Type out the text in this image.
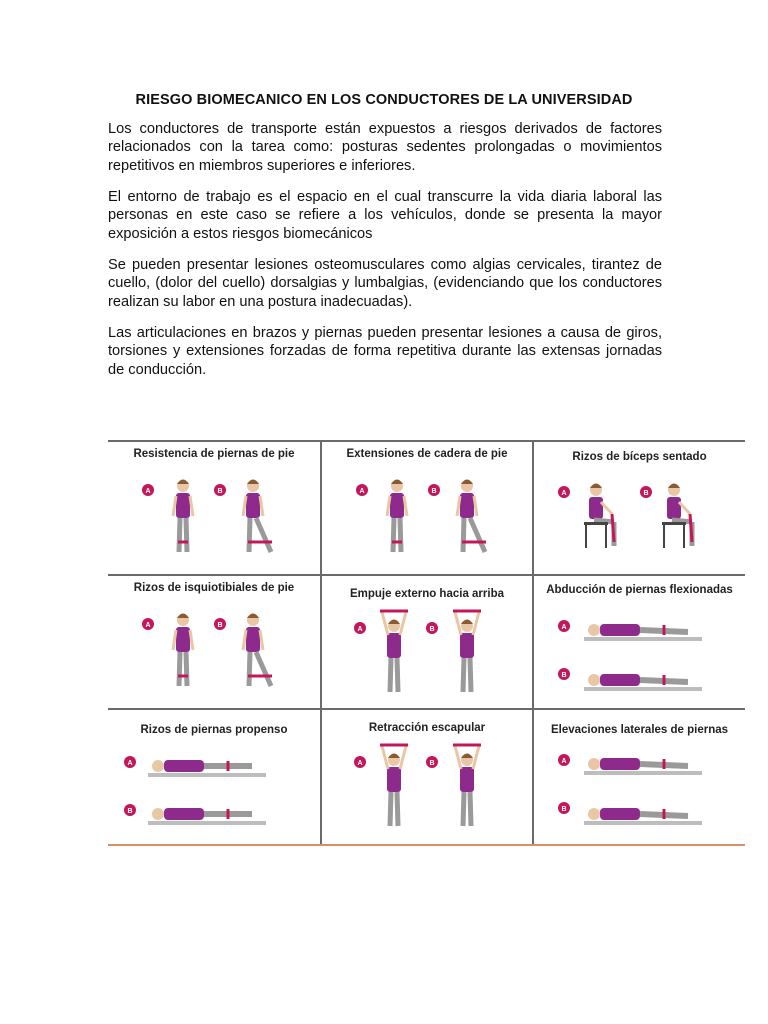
RIESGO BIOMECANICO EN LOS CONDUCTORES DE LA UNIVERSIDAD

Los conductores de transporte están expuestos a riesgos derivados de factores relacionados con la tarea como: posturas sedentes prolongadas o movimientos repetitivos en miembros superiores e inferiores.

El entorno de trabajo es el espacio en el cual transcurre la vida diaria laboral las personas en este caso se refiere a los vehículos, donde se presenta la mayor exposición a estos riesgos biomecánicos

Se pueden presentar lesiones osteomusculares como algias cervicales, tirantez de cuello, (dolor del cuello) dorsalgias y lumbalgias, (evidenciando que los conductores realizan su labor en una postura inadecuadas).

Las articulaciones en brazos y piernas pueden presentar lesiones a causa de giros, torsiones y extensiones forzadas de forma repetitiva durante las extensas jornadas de conducción.

Resistencia de piernas de pie
A	B
Extensiones de cadera de pie
A	B
Rizos de bíceps sentado
A	B
Rizos de isquiotibiales de pie
A	B
Empuje externo hacia arriba
A	B
Abducción de piernas flexionadas
A
B
Rizos de piernas propenso
A
B
Retracción escapular
A	B
Elevaciones laterales de piernas
A
B
